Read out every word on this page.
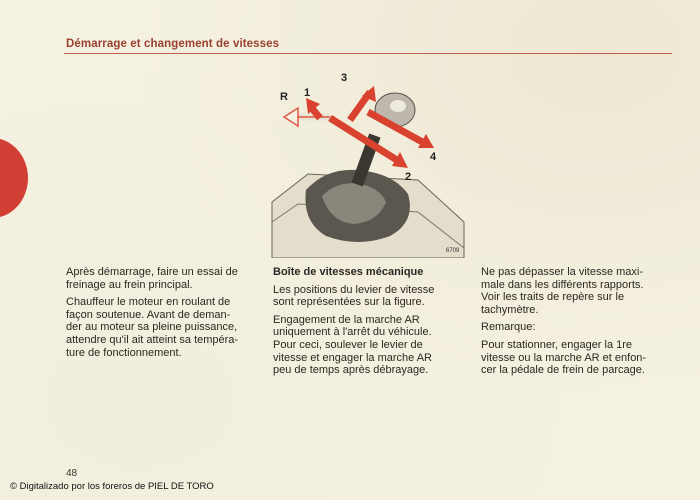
Démarrage et changement de vitesses
R 1
3
4
2
6709

Après démarrage, faire un essai de
freinage au frein principal.

Chauffeur le moteur en roulant de
façon soutenue. Avant de deman-
der au moteur sa pleine puissance,
attendre qu'il ait atteint sa tempéra-
ture de fonctionnement.

Boîte de vitesses mécanique

Les positions du levier de vitesse
sont représentées sur la figure.

Engagement de la marche AR
uniquement à l'arrêt du véhicule.
Pour ceci, soulever le levier de
vitesse et engager la marche AR
peu de temps après débrayage.

Ne pas dépasser la vitesse maxi-
male dans les différents rapports.
Voir les traits de repère sur le
tachymètre.

Remarque:

Pour stationner, engager la 1re
vitesse ou la marche AR et enfon-
cer la pédale de frein de parcage.

48
© Digitalizado por los foreros de PIEL DE TORO
